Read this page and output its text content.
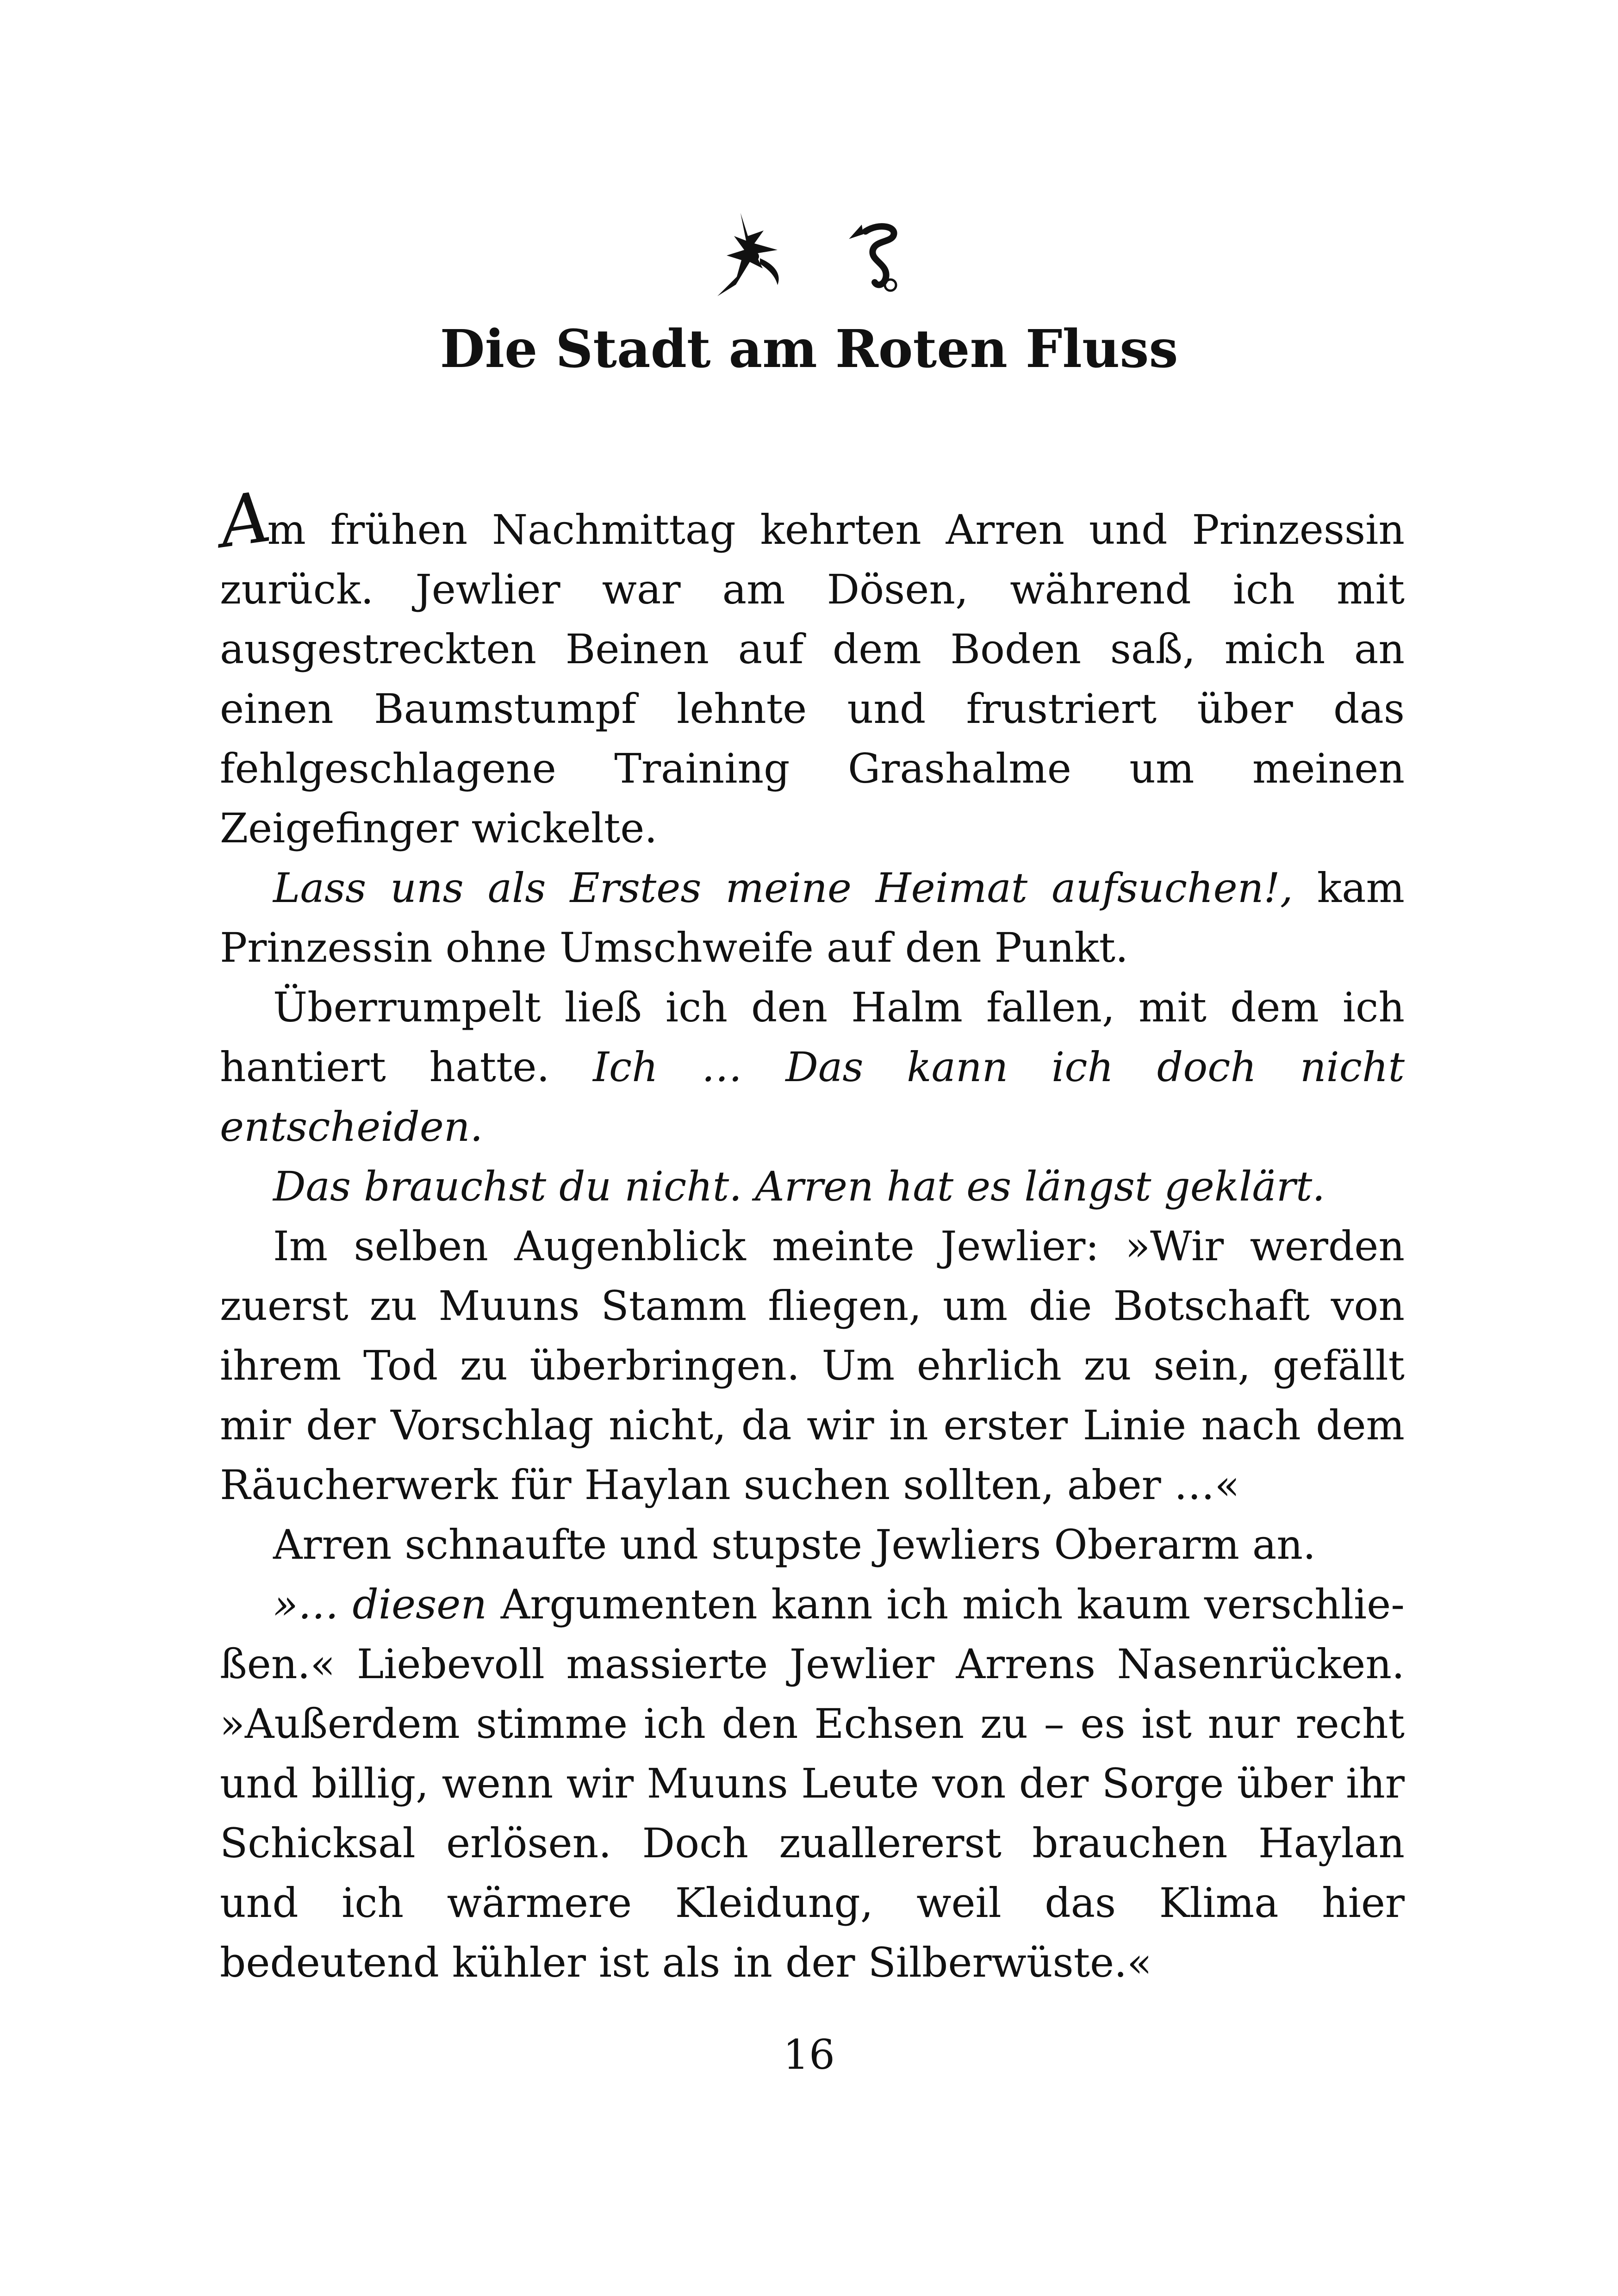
Die Stadt am Roten Fluss

Am frühen Nachmittag kehrten Arren und Prinzessin zurück. Jewlier war am Dösen, während ich mit ausgestreckten Beinen auf dem Boden saß, mich an einen Baumstumpf lehnte und frustriert über das fehlgeschlagene Training Grashalme um meinen Zeigefinger wickelte.

Lass uns als Erstes meine Heimat aufsuchen!, kam Prinzessin ohne Umschweife auf den Punkt.

Überrumpelt ließ ich den Halm fallen, mit dem ich hantiert hatte. Ich … Das kann ich doch nicht entscheiden.

Das brauchst du nicht. Arren hat es längst geklärt.

Im selben Augenblick meinte Jewlier: »Wir werden zuerst zu Muuns Stamm fliegen, um die Botschaft von ihrem Tod zu überbringen. Um ehrlich zu sein, gefällt mir der Vorschlag nicht, da wir in erster Linie nach dem Räucherwerk für Haylan suchen sollten, aber …«

Arren schnaufte und stupste Jewliers Oberarm an.

»… diesen Argumenten kann ich mich kaum verschließen.« Liebevoll massierte Jewlier Arrens Nasenrücken. »Außerdem stimme ich den Echsen zu – es ist nur recht und billig, wenn wir Muuns Leute von der Sorge über ihr Schicksal erlösen. Doch zuallererst brauchen Haylan und ich wärmere Kleidung, weil das Klima hier bedeutend kühler ist als in der Silberwüste.«

16
